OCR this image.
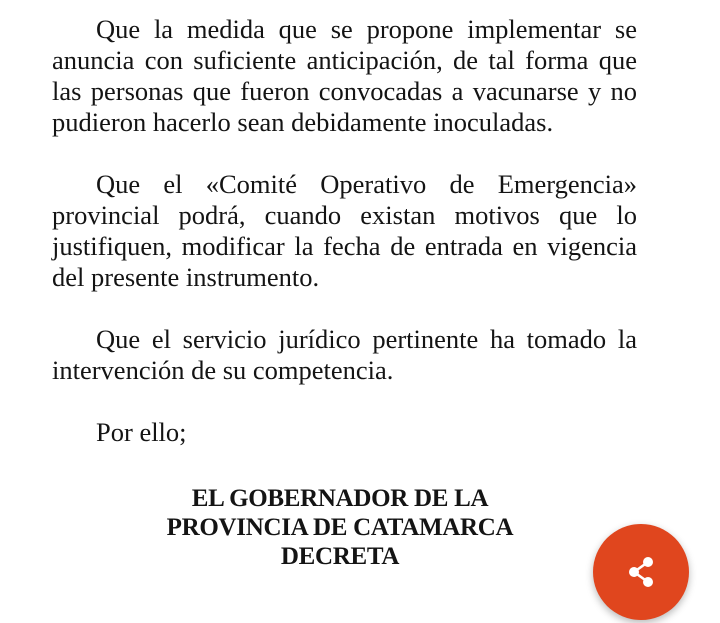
Que la medida que se propone implementar se anuncia con suficiente anticipación, de tal forma que las personas que fueron convocadas a vacunarse y no pudieron hacerlo sean debidamente inoculadas.

Que el «Comité Operativo de Emergencia» provincial podrá, cuando existan motivos que lo justifiquen, modificar la fecha de entrada en vigencia del presente instrumento.

Que el servicio jurídico pertinente ha tomado la intervención de su competencia.

Por ello;

EL GOBERNADOR DE LA
PROVINCIA DE CATAMARCA
DECRETA
